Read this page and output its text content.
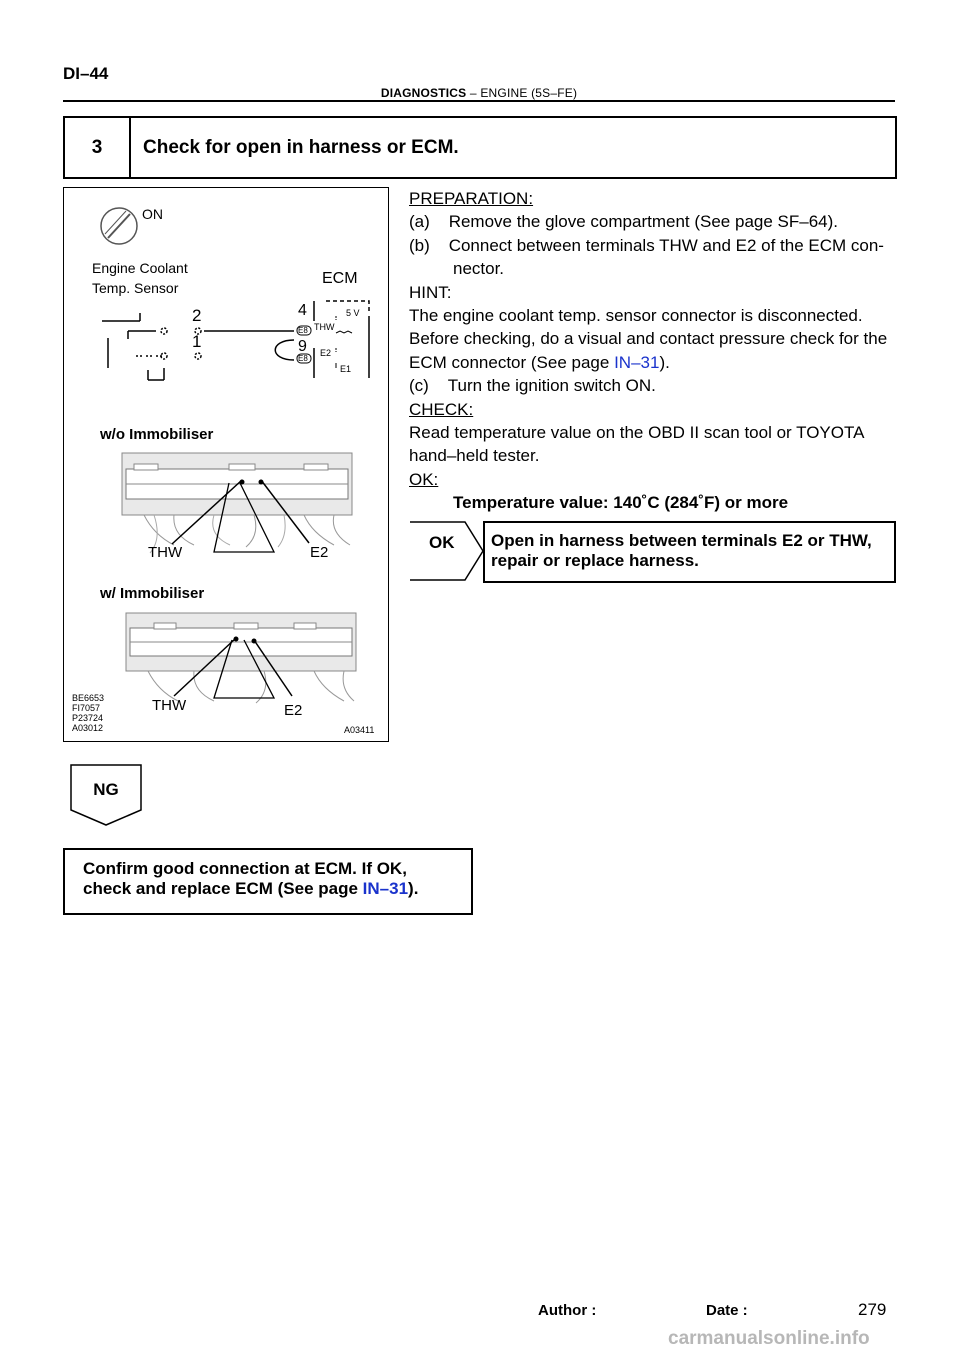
DI–44
DIAGNOSTICS – ENGINE (5S–FE)
3	Check for open in harness or ECM.
ON
Engine Coolant
Temp. Sensor
ECM
2
1
4
9
E8
E8
THW
E2
5 V
E1
w/o Immobiliser
THW	E2
w/ Immobiliser
THW	E2
BE6653
FI7057
P23724
A03012	A03411

PREPARATION:

(a) Remove the glove compartment (See page SF–64).

(b) Connect between terminals THW and E2 of the ECM con- nector.

HINT:

The engine coolant temp. sensor connector is disconnected.

Before checking, do a visual and contact pressure check for the ECM connector (See page IN–31).

(c) Turn the ignition switch ON.

CHECK:

Read temperature value on the OBD II scan tool or TOYOTA hand–held tester.

OK:

Temperature value: 140˚C (284˚F) or more

OK Open in harness between terminals E2 or THW,
repair or replace harness.
NG
Confirm good connection at ECM. If OK,
check and replace ECM (See page IN–31).
Author :	Date :	279
carmanualsonline.info
